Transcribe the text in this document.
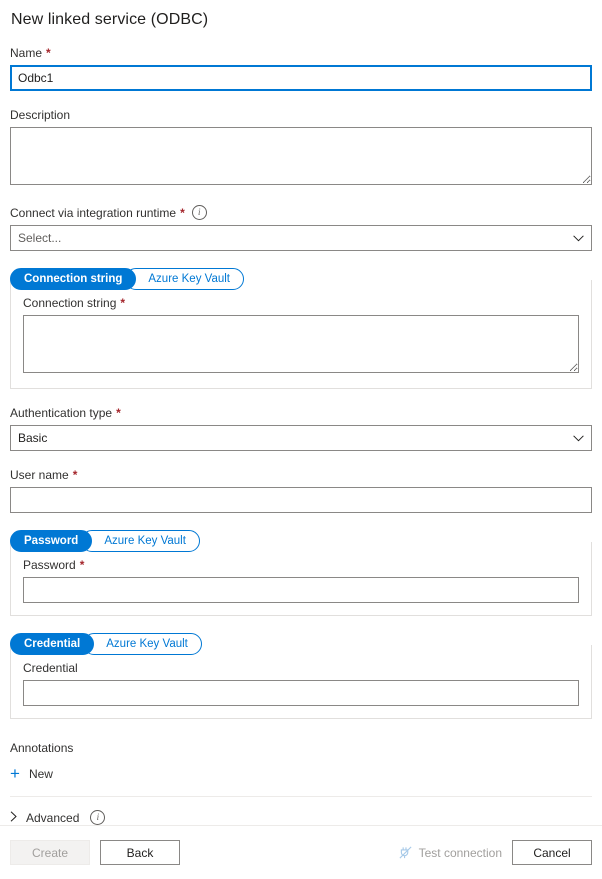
New linked service (ODBC)
Name *
Odbc1
Description
Connect via integration runtime *	i
Select...
Connection string	Azure Key Vault
Connection string *
Authentication type *
Basic
User name *
Password	Azure Key Vault
Password *
Credential	Azure Key Vault
Credential
Annotations
+ New
Advanced	i
Create	Back	Test connection	Cancel
